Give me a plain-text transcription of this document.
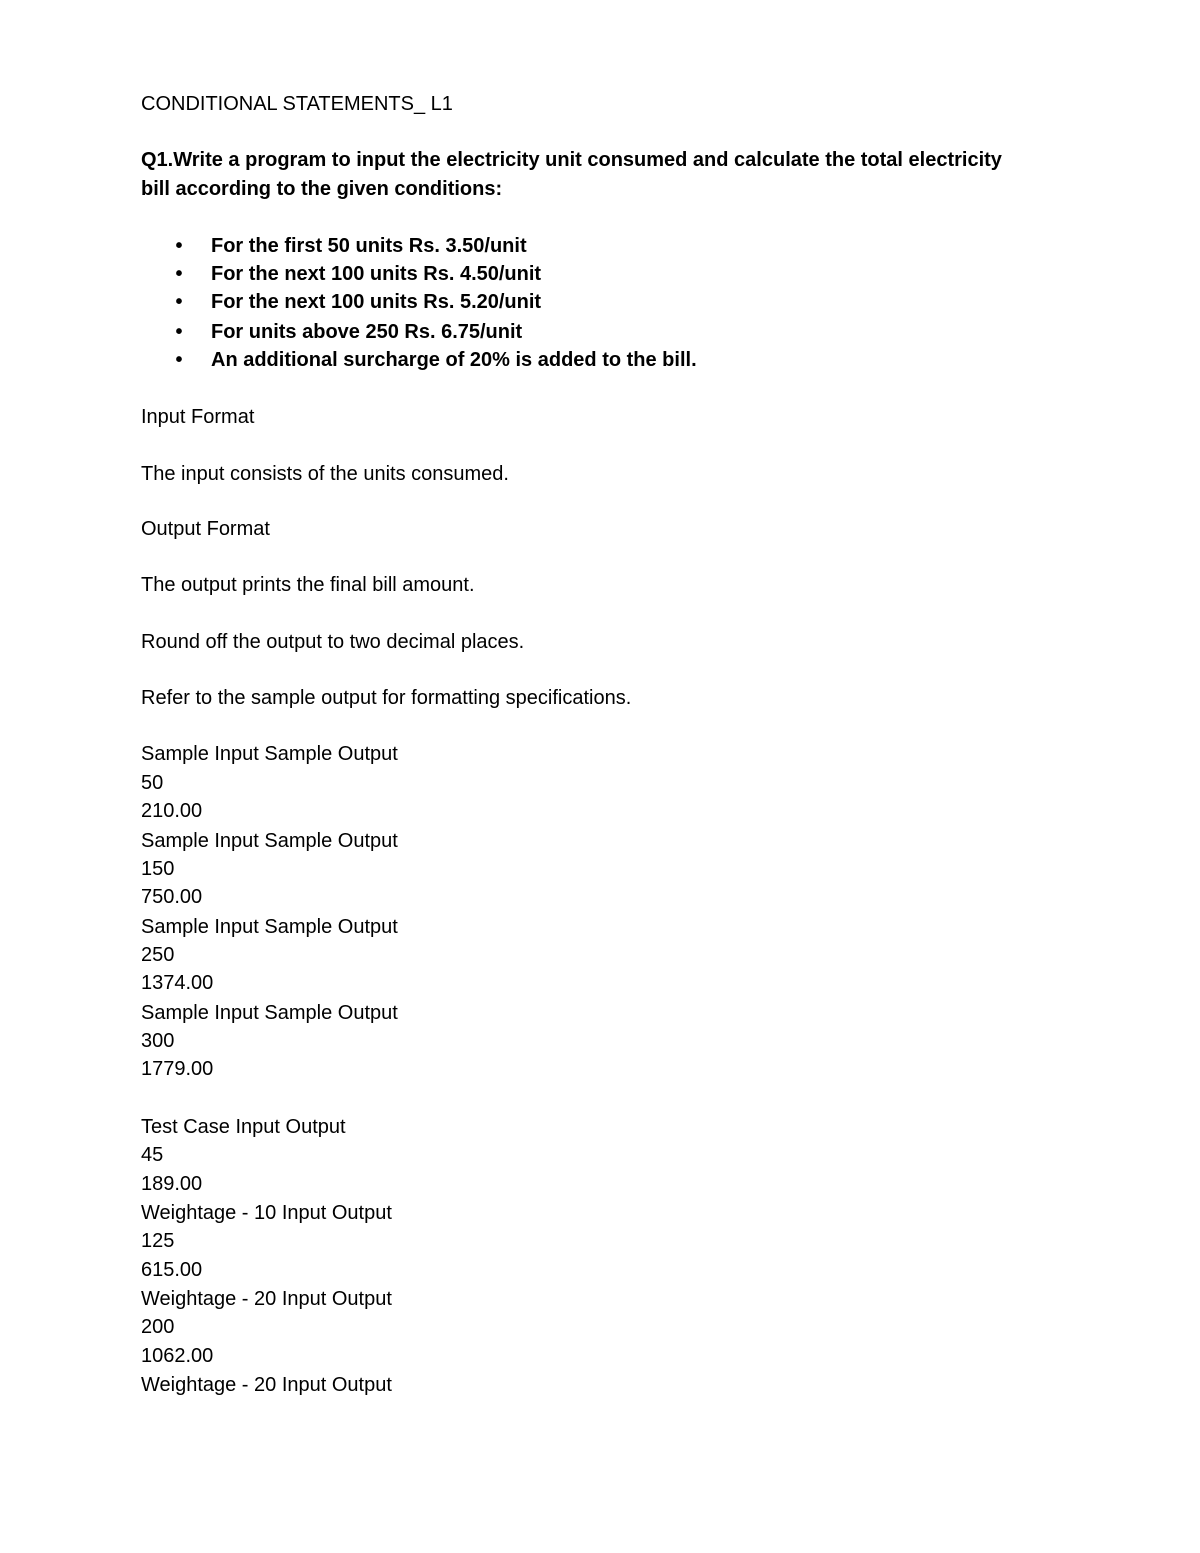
CONDITIONAL STATEMENTS_ L1

Q1.Write a program to input the electricity unit consumed and calculate the total electricity

bill according to the given conditions:

• For the first 50 units Rs. 3.50/unit
• For the next 100 units Rs. 4.50/unit
• For the next 100 units Rs. 5.20/unit
• For units above 250 Rs. 6.75/unit
• An additional surcharge of 20% is added to the bill.

Input Format

The input consists of the units consumed.

Output Format

The output prints the final bill amount.

Round off the output to two decimal places.

Refer to the sample output for formatting specifications.

Sample Input Sample Output

50

210.00

Sample Input Sample Output

150

750.00

Sample Input Sample Output

250

1374.00

Sample Input Sample Output

300

1779.00

Test Case Input Output

45

189.00

Weightage - 10 Input Output

125

615.00

Weightage - 20 Input Output

200

1062.00

Weightage - 20 Input Output
